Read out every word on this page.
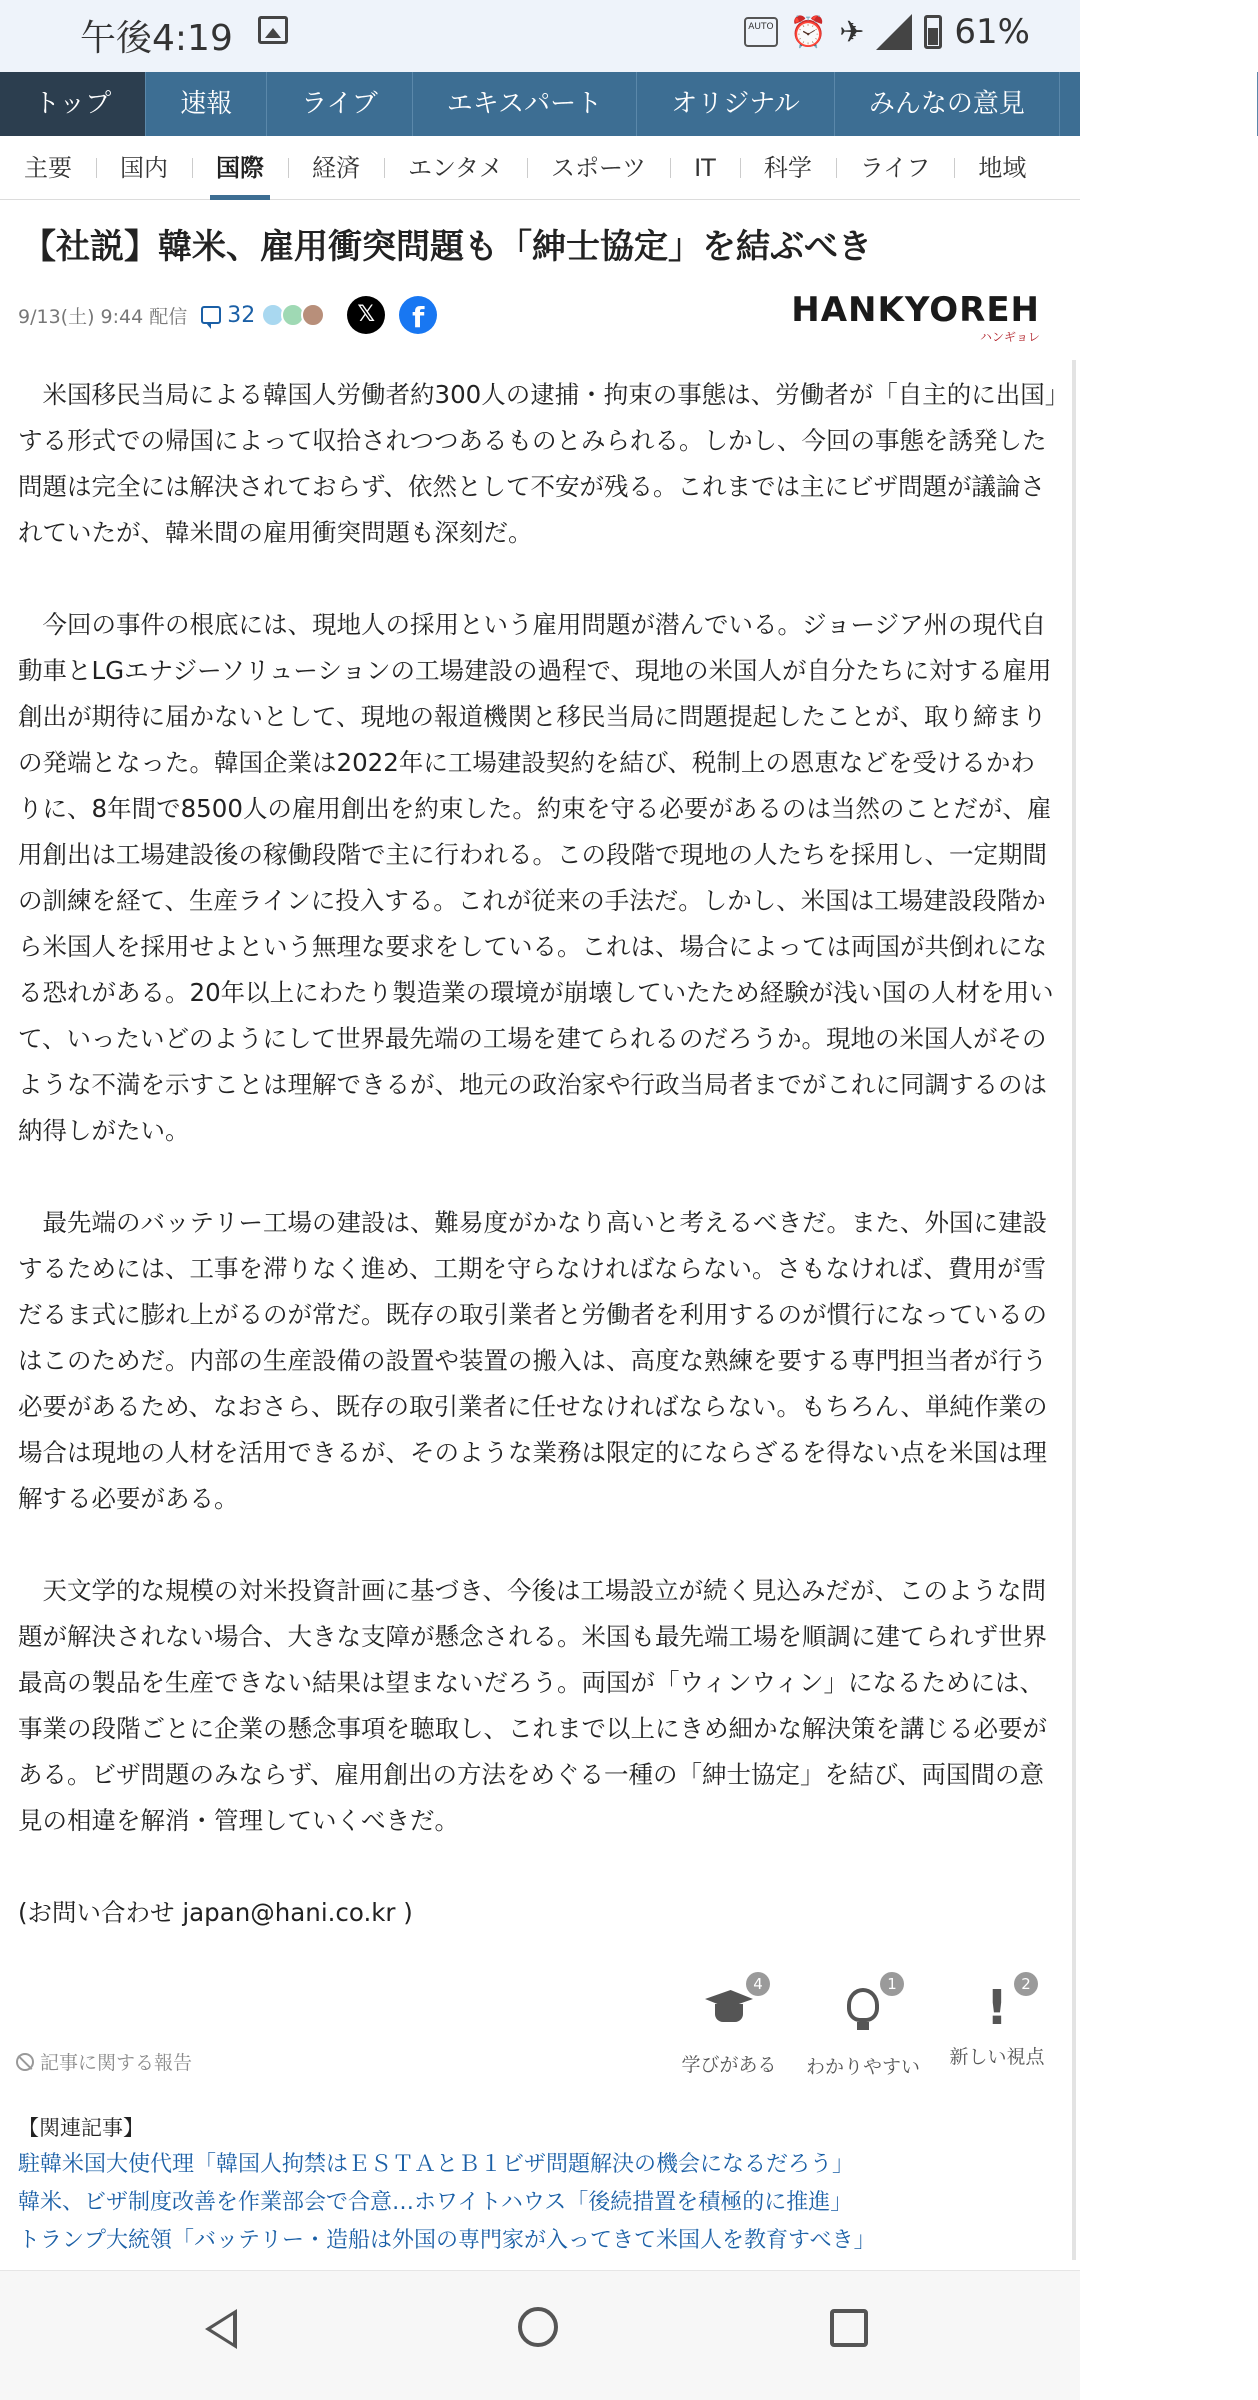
午後4:19	AUTO ⏰ ✈	61%
トップ	速報	ライブ	エキスパート	オリジナル	みんなの意見	ランキング
主要	国内	国際	経済	エンタメ	スポーツ	IT	科学	ライフ	地域
【社説】韓米、雇用衝突問題も「紳士協定」を結ぶべき
9/13(土) 9:44 配信 32	𝕏	f	HANKYOREH
ハンギョレ

米国移民当局による韓国人労働者約300人の逮捕・拘束の事態は、労働者が「自主的に出国」する形式での帰国によって収拾されつつあるものとみられる。しかし、今回の事態を誘発した問題は完全には解決されておらず、依然として不安が残る。これまでは主にビザ問題が議論されていたが、韓米間の雇用衝突問題も深刻だ。

今回の事件の根底には、現地人の採用という雇用問題が潜んでいる。ジョージア州の現代自動車とLGエナジーソリューションの工場建設の過程で、現地の米国人が自分たちに対する雇用創出が期待に届かないとして、現地の報道機関と移民当局に問題提起したことが、取り締まりの発端となった。韓国企業は2022年に工場建設契約を結び、税制上の恩恵などを受けるかわりに、8年間で8500人の雇用創出を約束した。約束を守る必要があるのは当然のことだが、雇用創出は工場建設後の稼働段階で主に行われる。この段階で現地の人たちを採用し、一定期間の訓練を経て、生産ラインに投入する。これが従来の手法だ。しかし、米国は工場建設段階から米国人を採用せよという無理な要求をしている。これは、場合によっては両国が共倒れになる恐れがある。20年以上にわたり製造業の環境が崩壊していたため経験が浅い国の人材を用いて、いったいどのようにして世界最先端の工場を建てられるのだろうか。現地の米国人がそのような不満を示すことは理解できるが、地元の政治家や行政当局者までがこれに同調するのは納得しがたい。

最先端のバッテリー工場の建設は、難易度がかなり高いと考えるべきだ。また、外国に建設するためには、工事を滞りなく進め、工期を守らなければならない。さもなければ、費用が雪だるま式に膨れ上がるのが常だ。既存の取引業者と労働者を利用するのが慣行になっているのはこのためだ。内部の生産設備の設置や装置の搬入は、高度な熟練を要する専門担当者が行う必要があるため、なおさら、既存の取引業者に任せなければならない。もちろん、単純作業の場合は現地の人材を活用できるが、そのような業務は限定的にならざるを得ない点を米国は理解する必要がある。

天文学的な規模の対米投資計画に基づき、今後は工場設立が続く見込みだが、このような問題が解決されない場合、大きな支障が懸念される。米国も最先端工場を順調に建てられず世界最高の製品を生産できない結果は望まないだろう。両国が「ウィンウィン」になるためには、事業の段階ごとに企業の懸念事項を聴取し、これまで以上にきめ細かな解決策を講じる必要がある。ビザ問題のみならず、雇用創出の方法をめぐる一種の「紳士協定」を結び、両国間の意見の相違を解消・管理していくべきだ。

(お問い合わせ japan@hani.co.kr )

記事に関する報告
4
学びがある
1
わかりやすい
! 2
新しい視点
【関連記事】
駐韓米国大使代理「韓国人拘禁はＥＳＴＡとＢ１ビザ問題解決の機会になるだろう」
韓米、ビザ制度改善を作業部会で合意…ホワイトハウス「後続措置を積極的に推進」
トランプ大統領「バッテリー・造船は外国の専門家が入ってきて米国人を教育すべき」
